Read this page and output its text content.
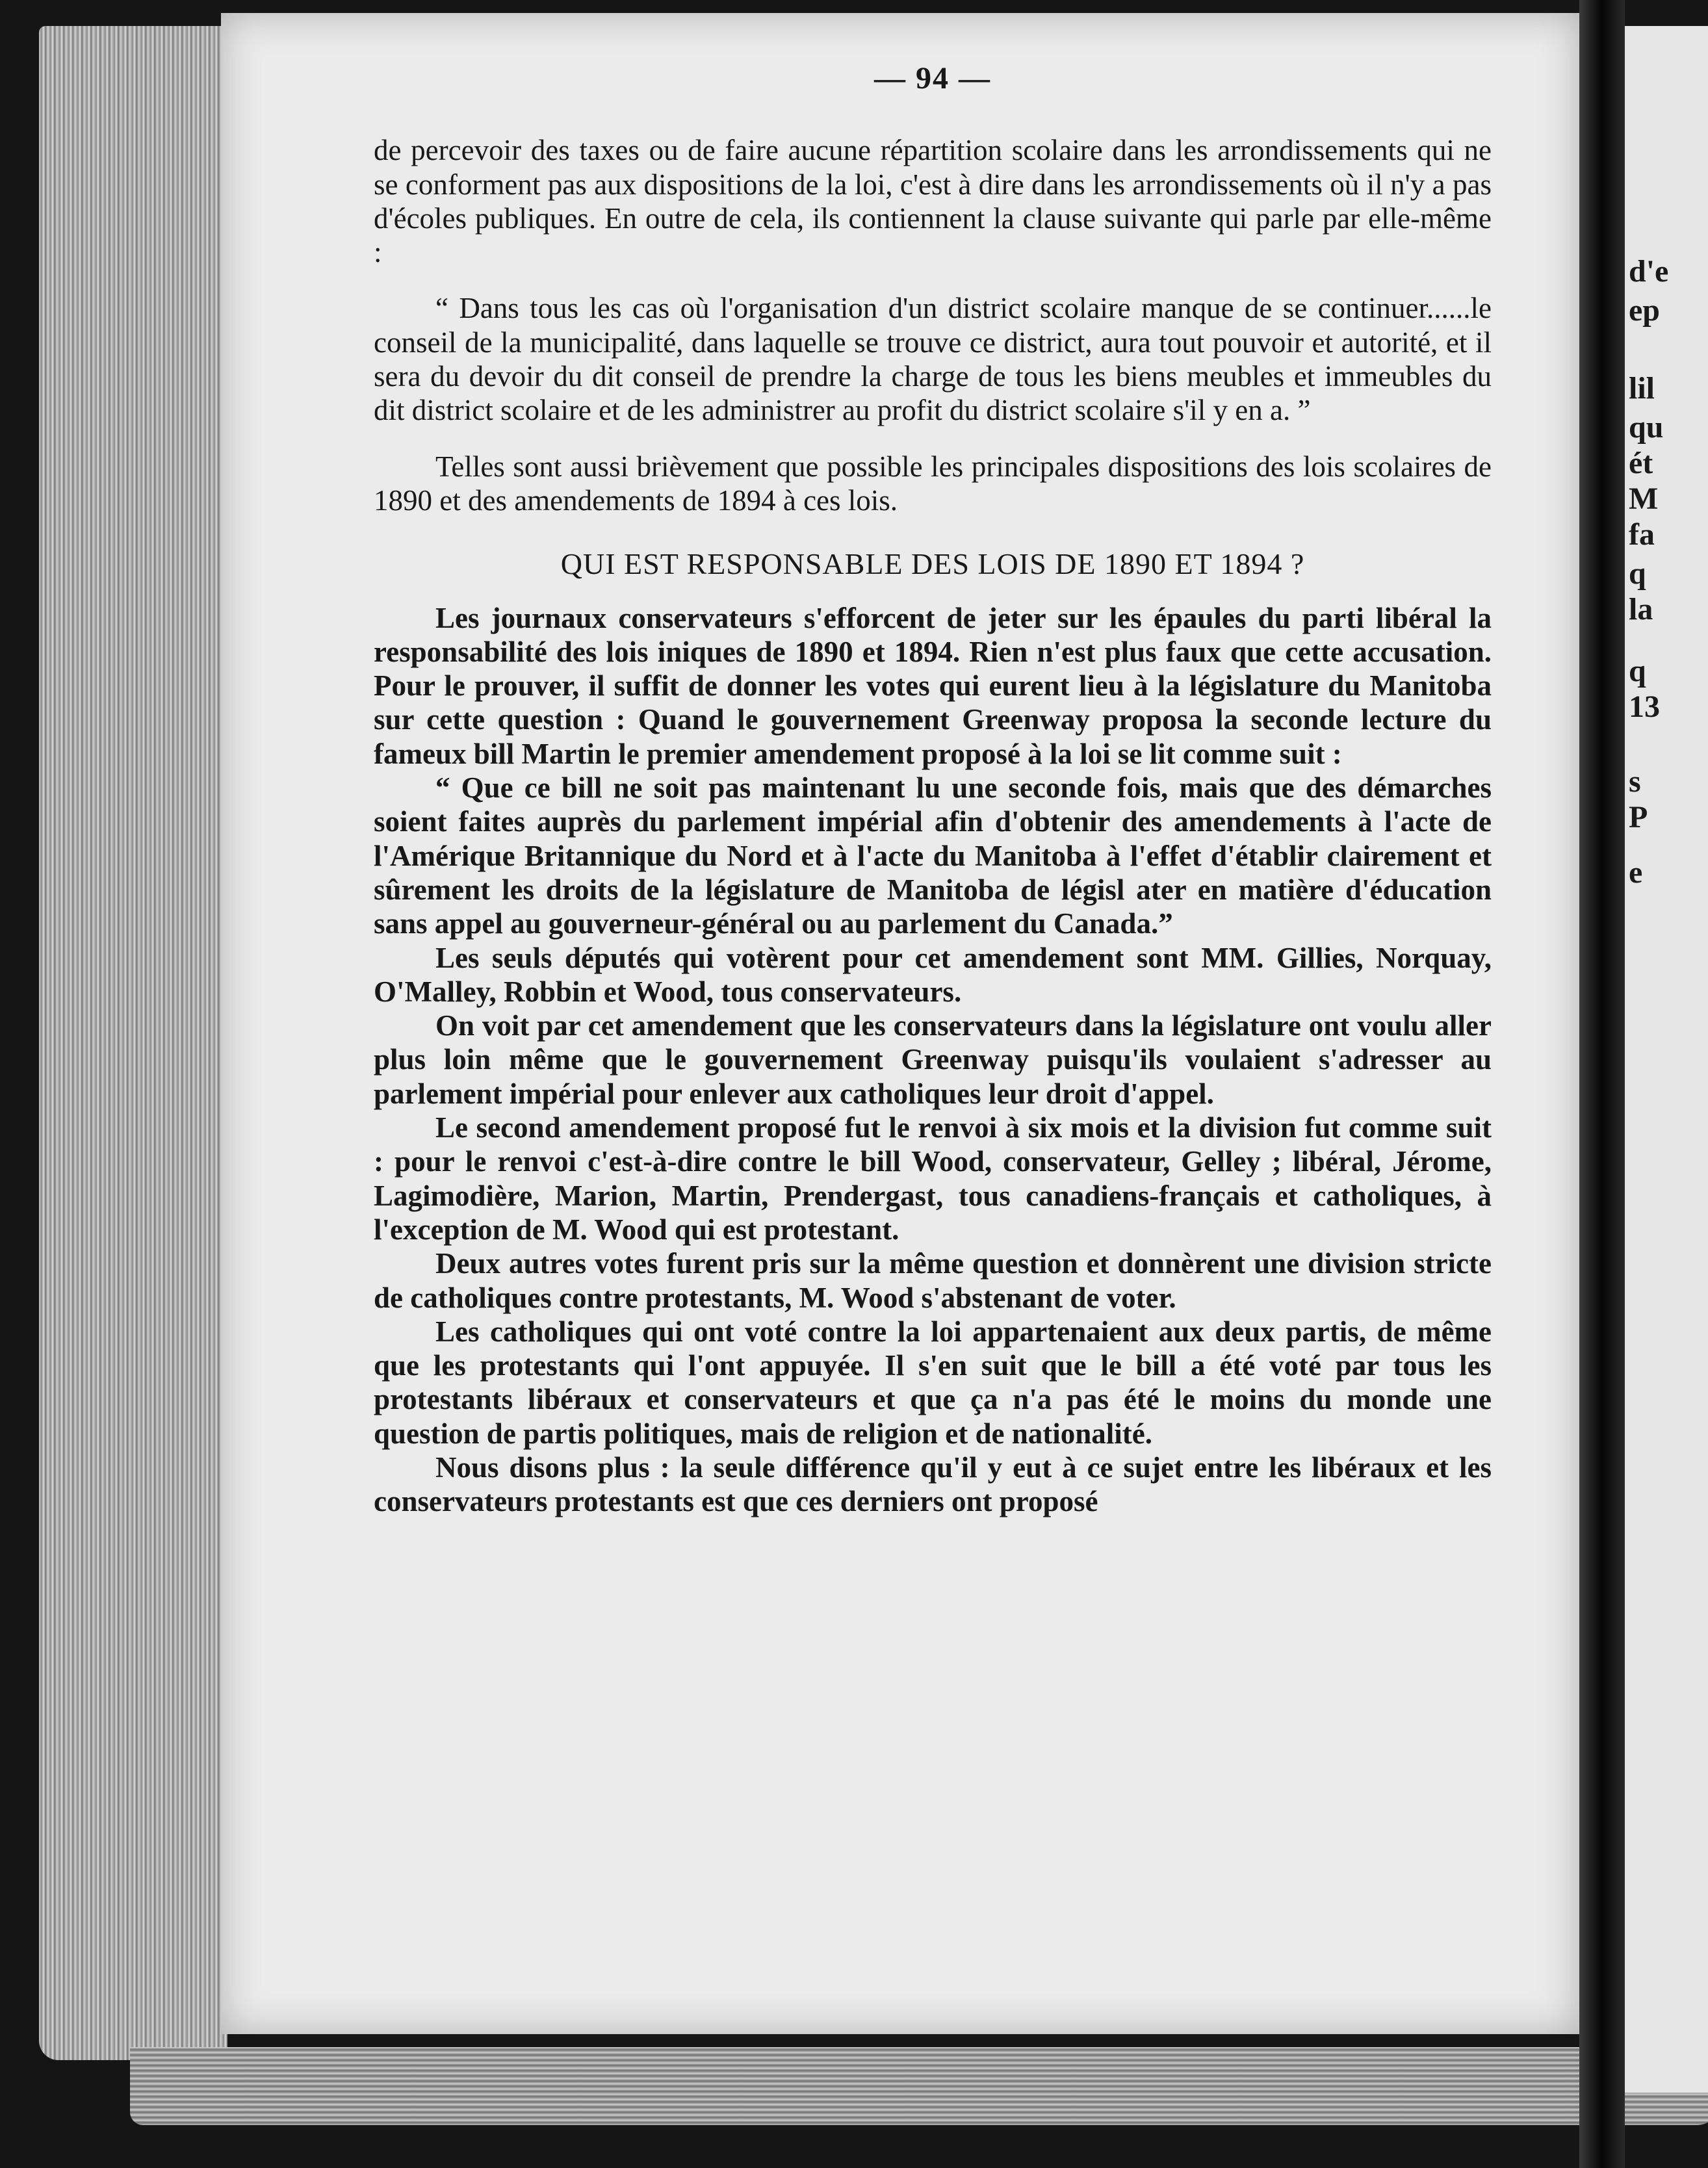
d'e
ep
lil
qu
ét
M
fa
q
la
q
13
s
P
e
— 94 —

de percevoir des taxes ou de faire aucune répartition scolaire dans les arrondissements qui ne se conforment pas aux dispositions de la loi, c'est à dire dans les arrondissements où il n'y a pas d'écoles publiques. En outre de cela, ils contiennent la clause suivante qui parle par elle-même :

“ Dans tous les cas où l'organisation d'un district scolaire manque de se continuer......le conseil de la municipalité, dans laquelle se trouve ce district, aura tout pouvoir et autorité, et il sera du devoir du dit conseil de prendre la charge de tous les biens meubles et immeubles du dit district scolaire et de les administrer au profit du district scolaire s'il y en a. ”

Telles sont aussi brièvement que possible les principales dispositions des lois scolaires de 1890 et des amendements de 1894 à ces lois.

QUI EST RESPONSABLE DES LOIS DE 1890 ET 1894 ?

Les journaux conservateurs s'efforcent de jeter sur les épaules du parti libéral la responsabilité des lois iniques de 1890 et 1894. Rien n'est plus faux que cette accusation. Pour le prouver, il suffit de donner les votes qui eurent lieu à la législature du Manitoba sur cette question : Quand le gouvernement Greenway proposa la seconde lecture du fameux bill Martin le premier amendement proposé à la loi se lit comme suit :

“ Que ce bill ne soit pas maintenant lu une seconde fois, mais que des démarches soient faites auprès du parlement impérial afin d'obtenir des amendements à l'acte de l'Amérique Britannique du Nord et à l'acte du Manitoba à l'effet d'établir clairement et sûrement les droits de la législature de Manitoba de législ ater en matière d'éducation sans appel au gouverneur-général ou au parlement du Canada.”

Les seuls députés qui votèrent pour cet amendement sont MM. Gillies, Norquay, O'Malley, Robbin et Wood, tous conservateurs.

On voit par cet amendement que les conservateurs dans la législature ont voulu aller plus loin même que le gouvernement Greenway puisqu'ils voulaient s'adresser au parlement impérial pour enlever aux catholiques leur droit d'appel.

Le second amendement proposé fut le renvoi à six mois et la division fut comme suit : pour le renvoi c'est-à-dire contre le bill Wood, conservateur, Gelley ; libéral, Jérome, Lagimodière, Marion, Martin, Prendergast, tous canadiens-français et catholiques, à l'exception de M. Wood qui est protestant.

Deux autres votes furent pris sur la même question et donnèrent une division stricte de catholiques contre protestants, M. Wood s'abstenant de voter.

Les catholiques qui ont voté contre la loi appartenaient aux deux partis, de même que les protestants qui l'ont appuyée. Il s'en suit que le bill a été voté par tous les protestants libéraux et conservateurs et que ça n'a pas été le moins du monde une question de partis politiques, mais de religion et de nationalité.

Nous disons plus : la seule différence qu'il y eut à ce sujet entre les libéraux et les conservateurs protestants est que ces derniers ont proposé
